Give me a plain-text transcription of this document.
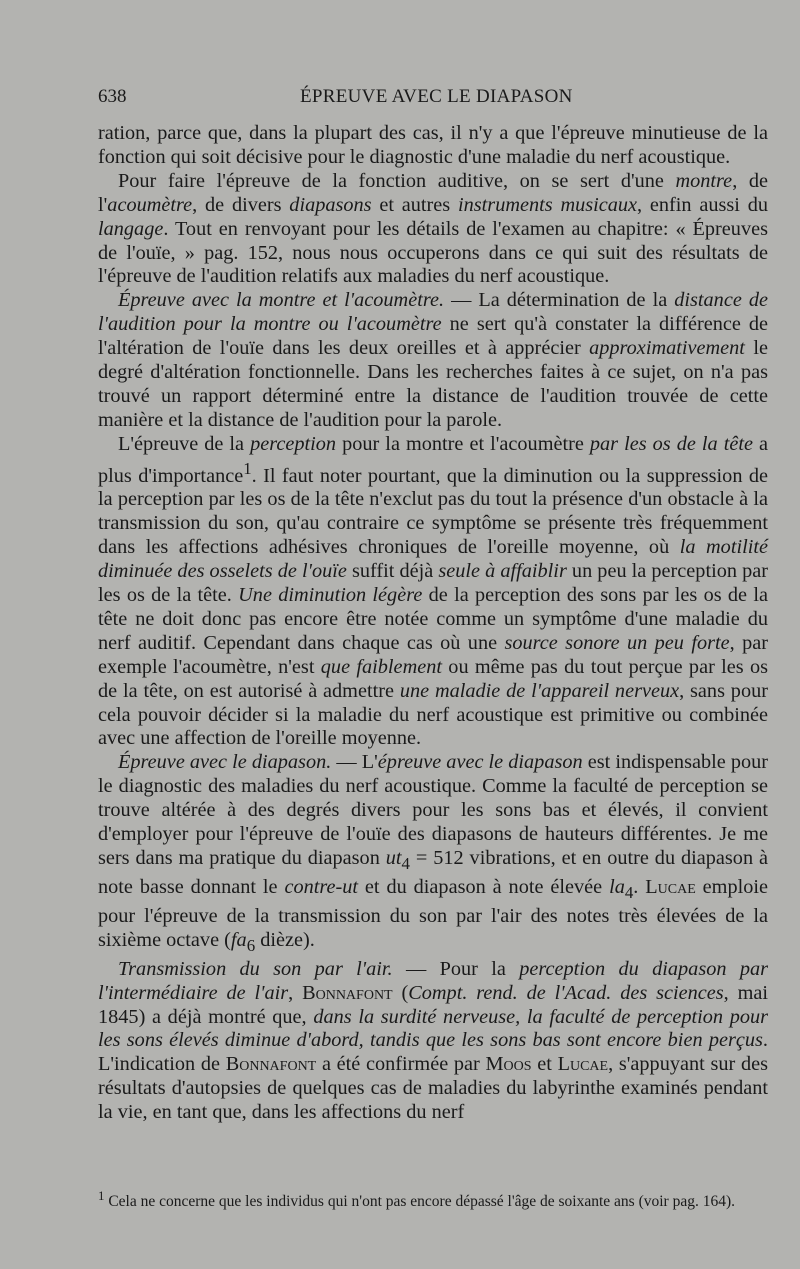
638	ÉPREUVE AVEC LE DIAPASON

ration, parce que, dans la plupart des cas, il n'y a que l'épreuve minutieuse de la fonction qui soit décisive pour le diagnostic d'une maladie du nerf acoustique.

Pour faire l'épreuve de la fonction auditive, on se sert d'une montre, de l'acoumètre, de divers diapasons et autres instruments musicaux, enfin aussi du langage. Tout en renvoyant pour les détails de l'examen au chapitre: « Épreuves de l'ouïe, » pag. 152, nous nous occuperons dans ce qui suit des résultats de l'épreuve de l'audition relatifs aux maladies du nerf acoustique.

Épreuve avec la montre et l'acoumètre. — La détermination de la distance de l'audition pour la montre ou l'acoumètre ne sert qu'à constater la différence de l'altération de l'ouïe dans les deux oreilles et à apprécier approximativement le degré d'altération fonctionnelle. Dans les recherches faites à ce sujet, on n'a pas trouvé un rapport déterminé entre la distance de l'audition trouvée de cette manière et la distance de l'audition pour la parole.

L'épreuve de la perception pour la montre et l'acoumètre par les os de la tête a plus d'importance$^1$. Il faut noter pourtant, que la diminution ou la suppression de la perception par les os de la tête n'exclut pas du tout la présence d'un obstacle à la transmission du son, qu'au contraire ce symptôme se présente très fréquemment dans les affections adhésives chroniques de l'oreille moyenne, où la motilité diminuée des osselets de l'ouïe suffit déjà seule à affaiblir un peu la perception par les os de la tête. Une diminution légère de la perception des sons par les os de la tête ne doit donc pas encore être notée comme un symptôme d'une maladie du nerf auditif. Cependant dans chaque cas où une source sonore un peu forte, par exemple l'acoumètre, n'est que faiblement ou même pas du tout perçue par les os de la tête, on est autorisé à admettre une maladie de l'appareil nerveux, sans pour cela pouvoir décider si la maladie du nerf acoustique est primitive ou combinée avec une affection de l'oreille moyenne.

Épreuve avec le diapason. — L'épreuve avec le diapason est indispensable pour le diagnostic des maladies du nerf acoustique. Comme la faculté de perception se trouve altérée à des degrés divers pour les sons bas et élevés, il convient d'employer pour l'épreuve de l'ouïe des diapasons de hauteurs différentes. Je me sers dans ma pratique du diapason $ut_4 = 512$ vibrations, et en outre du diapason à note basse donnant le contre-ut et du diapason à note élevée $la_4$. Lucae emploie pour l'épreuve de la transmission du son par l'air des notes très élevées de la sixième octave ($fa_6$ dièze).

Transmission du son par l'air. — Pour la perception du diapason par l'intermédiaire de l'air, Bonnafont (Compt. rend. de l'Acad. des sciences, mai 1845) a déjà montré que, dans la surdité nerveuse, la faculté de perception pour les sons élevés diminue d'abord, tandis que les sons bas sont encore bien perçus. L'indication de Bonnafont a été confirmée par Moos et Lucae, s'appuyant sur des résultats d'autopsies de quelques cas de maladies du labyrinthe examinés pendant la vie, en tant que, dans les affections du nerf

$^1$ Cela ne concerne que les individus qui n'ont pas encore dépassé l'âge de soixante ans (voir pag. 164).
